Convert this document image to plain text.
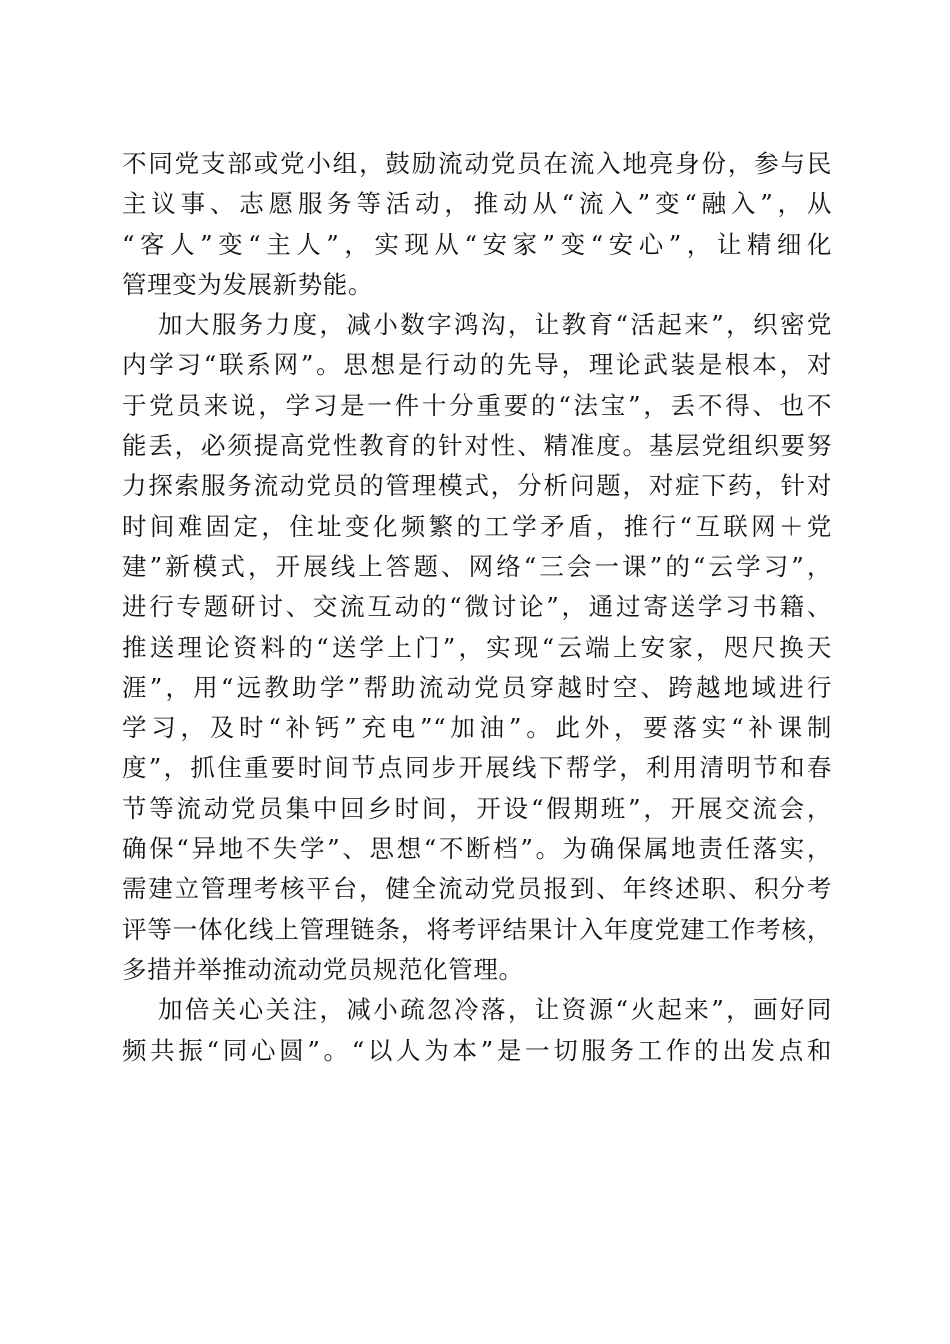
不同党支部或党小组，鼓励流动党员在流入地亮身份，参与民
主议事、志愿服务等活动，推动从“流入”变“融入”，从
“客人”变“主人”，实现从“安家”变“安心”，让精细化
管理变为发展新势能。
加大服务力度，减小数字鸿沟，让教育“活起来”，织密党
内学习“联系网”。思想是行动的先导，理论武装是根本，对
于党员来说，学习是一件十分重要的“法宝”，丢不得、也不
能丢，必须提高党性教育的针对性、精准度。基层党组织要努
力探索服务流动党员的管理模式，分析问题，对症下药，针对
时间难固定，住址变化频繁的工学矛盾，推行“互联网＋党
建”新模式，开展线上答题、网络“三会一课”的“云学习”，
进行专题研讨、交流互动的“微讨论”，通过寄送学习书籍、
推送理论资料的“送学上门”，实现“云端上安家，咫尺换天
涯”，用“远教助学”帮助流动党员穿越时空、跨越地域进行
学习，及时“补钙”充电”“加油”。此外，要落实“补课制
度”，抓住重要时间节点同步开展线下帮学，利用清明节和春
节等流动党员集中回乡时间，开设“假期班”，开展交流会，
确保“异地不失学”、思想“不断档”。为确保属地责任落实，
需建立管理考核平台，健全流动党员报到、年终述职、积分考
评等一体化线上管理链条，将考评结果计入年度党建工作考核，
多措并举推动流动党员规范化管理。
加倍关心关注，减小疏忽冷落，让资源“火起来”，画好同
频共振“同心圆”。“以人为本”是一切服务工作的出发点和
